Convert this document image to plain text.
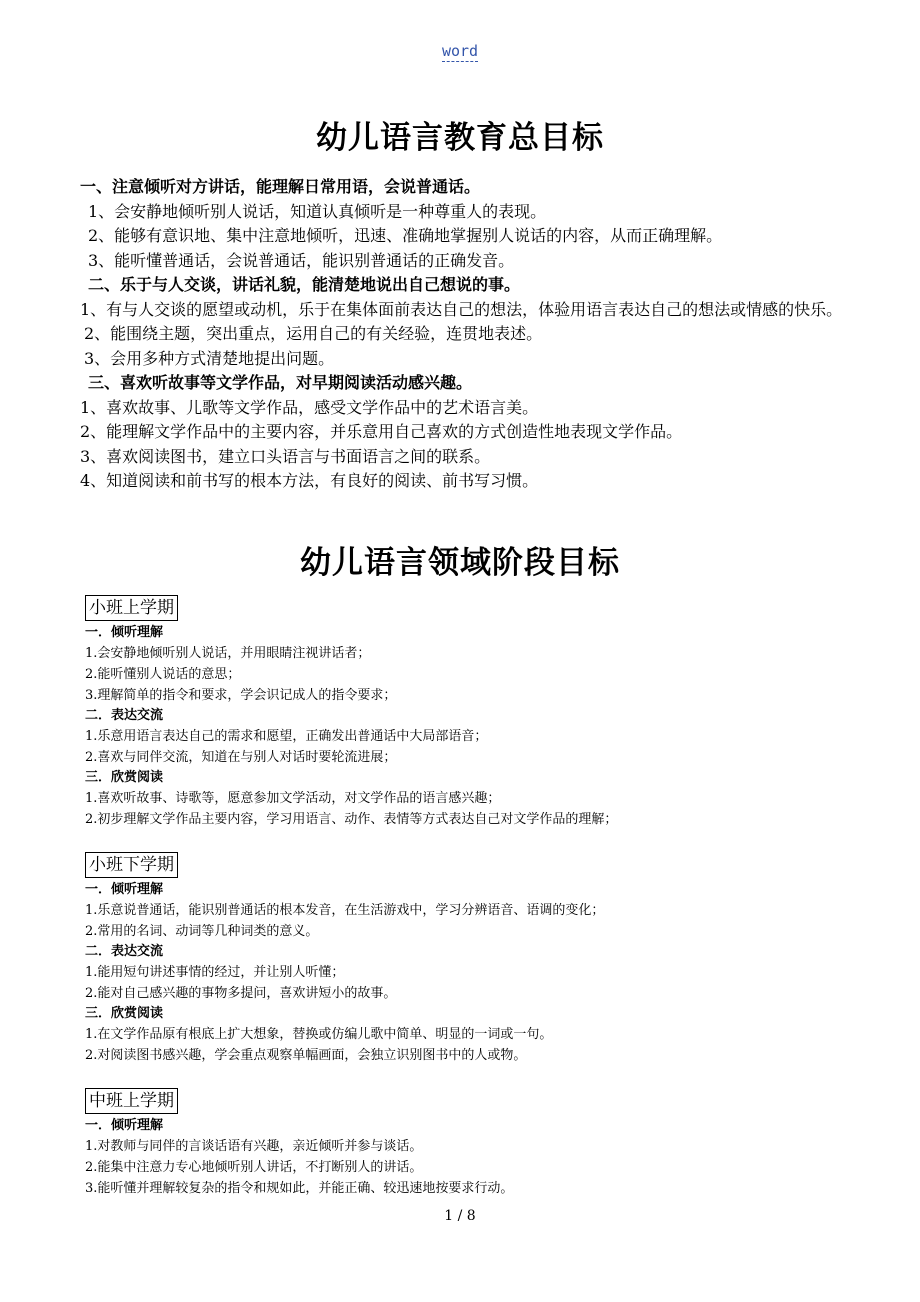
word
幼儿语言教育总目标
一、注意倾听对方讲话，能理解日常用语，会说普通话。
1、会安静地倾听别人说话，知道认真倾听是一种尊重人的表现。
2、能够有意识地、集中注意地倾听，迅速、准确地掌握别人说话的内容，从而正确理解。
3、能听懂普通话，会说普通话，能识别普通话的正确发音。
二、乐于与人交谈，讲话礼貌，能清楚地说出自己想说的事。
1、有与人交谈的愿望或动机，乐于在集体面前表达自己的想法，体验用语言表达自己的想法或情感的快乐。
2、能围绕主题，突出重点，运用自己的有关经验，连贯地表述。
3、会用多种方式清楚地提出问题。
三、喜欢听故事等文学作品，对早期阅读活动感兴趣。
1、喜欢故事、儿歌等文学作品，感受文学作品中的艺术语言美。
2、能理解文学作品中的主要内容，并乐意用自己喜欢的方式创造性地表现文学作品。
3、喜欢阅读图书，建立口头语言与书面语言之间的联系。
4、知道阅读和前书写的根本方法，有良好的阅读、前书写习惯。
幼儿语言领域阶段目标
小班上学期
一．倾听理解
1.会安静地倾听别人说话，并用眼睛注视讲话者；
2.能听懂别人说话的意思；
3.理解简单的指令和要求，学会识记成人的指令要求；
二．表达交流
1.乐意用语言表达自己的需求和愿望，正确发出普通话中大局部语音；
2.喜欢与同伴交流，知道在与别人对话时要轮流进展；
三．欣赏阅读
1.喜欢听故事、诗歌等，愿意参加文学活动，对文学作品的语言感兴趣；
2.初步理解文学作品主要内容，学习用语言、动作、表情等方式表达自己对文学作品的理解；
小班下学期
一．倾听理解
1.乐意说普通话，能识别普通话的根本发音，在生活游戏中，学习分辨语音、语调的变化；
2.常用的名词、动词等几种词类的意义。
二．表达交流
1.能用短句讲述事情的经过，并让别人听懂；
2.能对自己感兴趣的事物多提问，喜欢讲短小的故事。
三．欣赏阅读
1.在文学作品原有根底上扩大想象，替换或仿编儿歌中简单、明显的一词或一句。
2.对阅读图书感兴趣，学会重点观察单幅画面，会独立识别图书中的人或物。
中班上学期
一．倾听理解
1.对教师与同伴的言谈话语有兴趣，亲近倾听并参与谈话。
2.能集中注意力专心地倾听别人讲话，不打断别人的讲话。
3.能听懂并理解较复杂的指令和规如此，并能正确、较迅速地按要求行动。
1 / 8
